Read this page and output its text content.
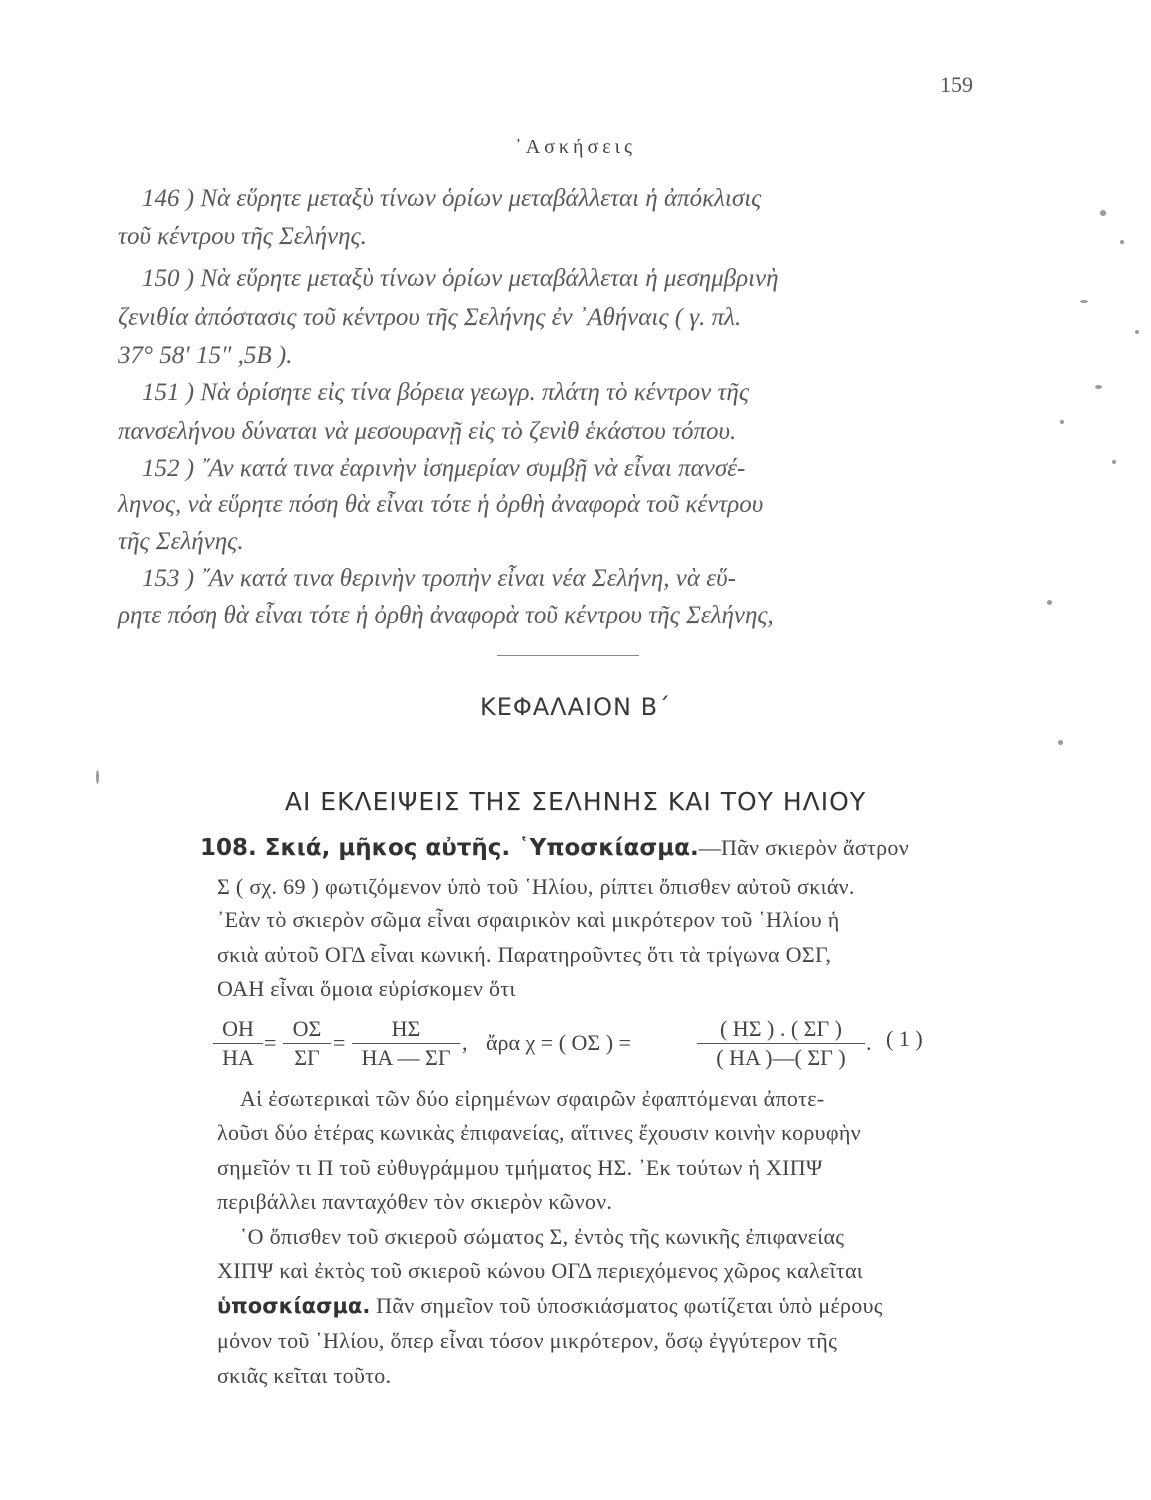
159
᾿Ασκήσεις
146 ) Νὰ εὕρητε μεταξὺ τίνων ὁρίων μεταβάλλεται ἡ ἀπόκλισις
τοῦ κέντρου τῆς Σελήνης.
150 ) Νὰ εὕρητε μεταξὺ τίνων ὁρίων μεταβάλλεται ἡ μεσημβρινὴ
ζενιθία ἀπόστασις τοῦ κέντρου τῆς Σελήνης ἐν ᾿Αθήναις ( γ. πλ.
37° 58′ 15″ ,5Β ).
151 ) Νὰ ὁρίσητε εἰς τίνα βόρεια γεωγρ. πλάτη τὸ κέντρον τῆς
πανσελήνου δύναται νὰ μεσουρανῇ εἰς τὸ ζενὶθ ἑκάστου τόπου.
152 ) ῎Αν κατά τινα ἐαρινὴν ἰσημερίαν συμβῇ νὰ εἶναι πανσέ-
ληνος, νὰ εὕρητε πόση θὰ εἶναι τότε ἡ ὀρθὴ ἀναφορὰ τοῦ κέντρου
τῆς Σελήνης.
153 ) ῎Αν κατά τινα θερινὴν τροπὴν εἶναι νέα Σελήνη, νὰ εὕ-
ρητε πόση θὰ εἶναι τότε ἡ ὀρθὴ ἀναφορὰ τοῦ κέντρου τῆς Σελήνης,
ΚΕΦΑΛΑΙΟΝ Β΄
ΑΙ ΕΚΛΕΙΨΕΙΣ ΤΗΣ ΣΕΛΗΝΗΣ ΚΑΙ ΤΟΥ ΗΛΙΟΥ
108. Σκιά, μῆκος αὐτῆς. ῾Υποσκίασμα.—Πᾶν σκιερὸν ἄστρον
Σ ( σχ. 69 ) φωτιζόμενον ὑπὸ τοῦ ῾Ηλίου, ρίπτει ὄπισθεν αὐτοῦ σκιάν.
᾿Εὰν τὸ σκιερὸν σῶμα εἶναι σφαιρικὸν καὶ μικρότερον τοῦ ῾Ηλίου ἡ
σκιὰ αὐτοῦ ΟΓΔ εἶναι κωνική. Παρατηροῦντες ὅτι τὰ τρίγωνα ΟΣΓ,
ΟΑΗ εἶναι ὅμοια εὑρίσκομεν ὅτι
$\frac{OH}{HA} = \frac{O\Sigma}{\Sigma\Gamma} = \frac{H\Sigma}{HA — \Sigma\Gamma}$ , ἄρα χ = ( ΟΣ ) =	$\frac{( H\Sigma ) . ( \Sigma\Gamma )}{( HA )—( \Sigma\Gamma )}$ . ( 1 )
Αἱ ἐσωτερικαὶ τῶν δύο εἰρημένων σφαιρῶν ἐφαπτόμεναι ἀποτε-
λοῦσι δύο ἑτέρας κωνικὰς ἐπιφανείας, αἵτινες ἔχουσιν κοινὴν κορυφὴν
σημεῖόν τι Π τοῦ εὐθυγράμμου τμήματος ΗΣ. ᾿Εκ τούτων ἡ ΧΙΠΨ
περιβάλλει πανταχόθεν τὸν σκιερὸν κῶνον.
῾Ο ὄπισθεν τοῦ σκιεροῦ σώματος Σ, ἐντὸς τῆς κωνικῆς ἐπιφανείας
ΧΙΠΨ καὶ ἐκτὸς τοῦ σκιεροῦ κώνου ΟΓΔ περιεχόμενος χῶρος καλεῖται
ὑποσκίασμα. Πᾶν σημεῖον τοῦ ὑποσκιάσματος φωτίζεται ὑπὸ μέρους
μόνον τοῦ ῾Ηλίου, ὅπερ εἶναι τόσον μικρότερον, ὅσῳ ἐγγύτερον τῆς
σκιᾶς κεῖται τοῦτο.
